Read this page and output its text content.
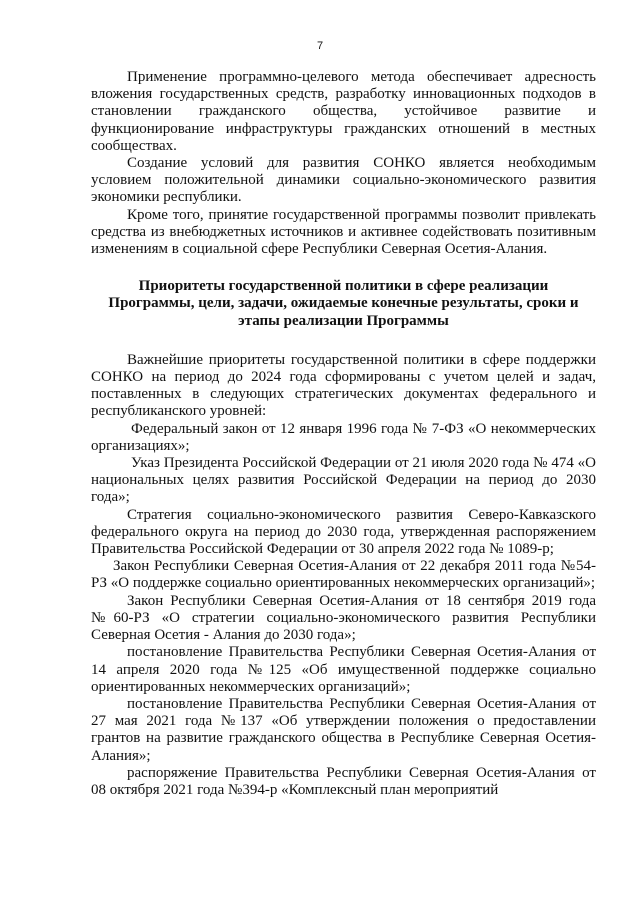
7

Применение программно-целевого метода обеспечивает адресность вложения государственных средств, разработку инновационных подходов в становлении гражданского общества, устойчивое развитие и функционирование инфраструктуры гражданских отношений в местных сообществах.

Создание условий для развития СОНКО является необходимым условием положительной динамики социально-экономического развития экономики республики.

Кроме того, принятие государственной программы позволит привлекать средства из внебюджетных источников и активнее содействовать позитивным изменениям в социальной сфере Республики Северная Осетия-Алания.

Приоритеты государственной политики в сфере реализации
Программы, цели, задачи, ожидаемые конечные результаты, сроки и
этапы реализации Программы

Важнейшие приоритеты государственной политики в сфере поддержки СОНКО на период до 2024 года сформированы с учетом целей и задач, поставленных в следующих стратегических документах федерального и республиканского уровней:

Федеральный закон от 12 января 1996 года № 7-ФЗ «О некоммерческих организациях»;

Указ Президента Российской Федерации от 21 июля 2020 года № 474 «О национальных целях развития Российской Федерации на период до 2030 года»;

Стратегия социально-экономического развития Северо-Кавказского федерального округа на период до 2030 года, утвержденная распоряжением Правительства Российской Федерации от 30 апреля 2022 года № 1089-р;

Закон Республики Северная Осетия-Алания от 22 декабря 2011 года №54-РЗ «О поддержке социально ориентированных некоммерческих организаций»;

Закон Республики Северная Осетия-Алания от 18 сентября 2019 года №60-РЗ «О стратегии социально-экономического развития Республики Северная Осетия - Алания до 2030 года»;

постановление Правительства Республики Северная Осетия-Алания от 14 апреля 2020 года №125 «Об имущественной поддержке социально ориентированных некоммерческих организаций»;

постановление Правительства Республики Северная Осетия-Алания от 27 мая 2021 года №137 «Об утверждении положения о предоставлении грантов на развитие гражданского общества в Республике Северная Осетия-Алания»;

распоряжение Правительства Республики Северная Осетия-Алания от 08 октября 2021 года №394-р «Комплексный план мероприятий
